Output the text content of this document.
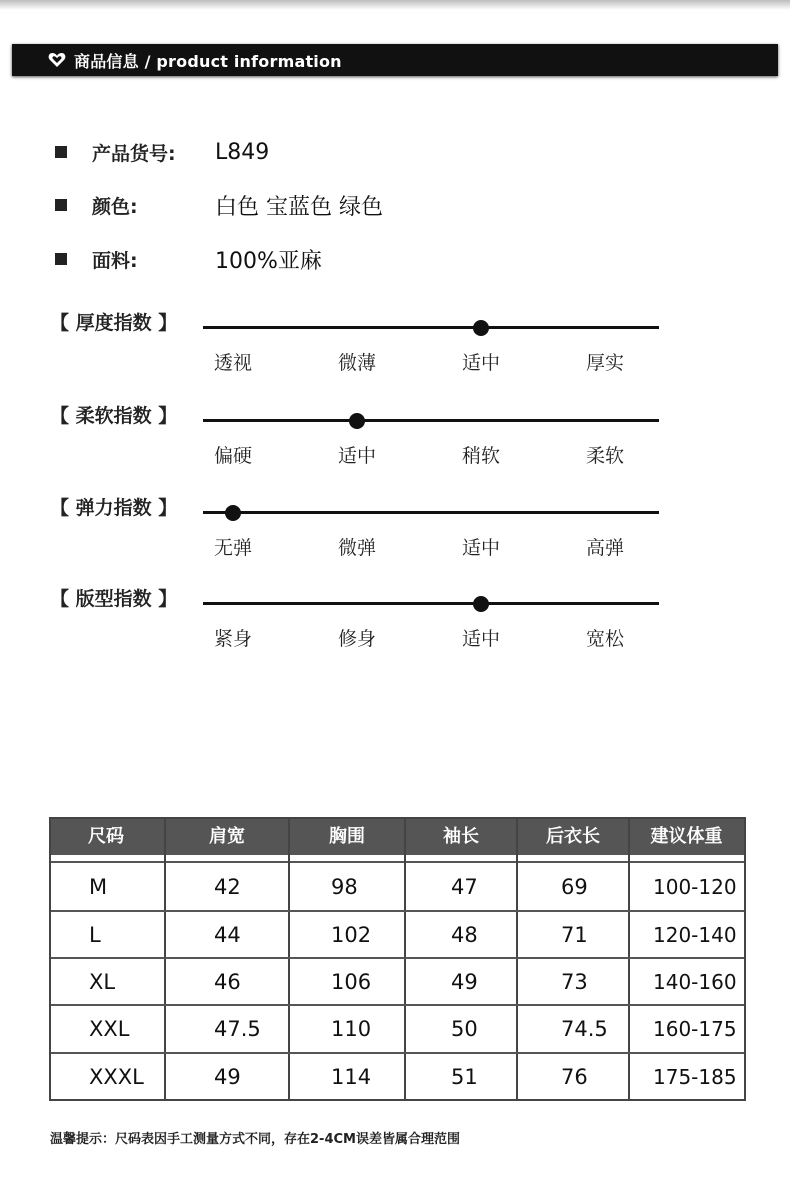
商品信息 / product information
产品货号:	L849
颜色:	白色 宝蓝色 绿色
面料:	100%亚麻
【 厚度指数 】
透视	微薄	适中	厚实
【 柔软指数 】
偏硬	适中	稍软	柔软
【 弹力指数 】
无弹	微弹	适中	高弹
【 版型指数 】
紧身	修身	适中	宽松
尺码	肩宽	胸围	袖长	后衣长	建议体重
M	42	98	47	69	100-120
L	44	102	48	71	120-140
XL	46	106	49	73	140-160
XXL	47.5	110	50	74.5 160-175
XXXL	49	114	51	76	175-185
温馨提示：尺码表因手工测量方式不同，存在2-4CM误差皆属合理范围
